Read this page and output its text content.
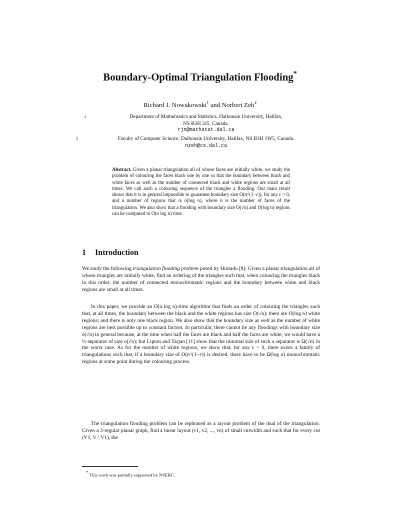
Boundary-Optimal Triangulation Flooding*
Richard J. Nowakowski$^1$ and Norbert Zeh$^2$
1	Department of Mathematics and Statistics, Dalhousie University, Halifax,
NS B3H 3J5, Canada.
rjn@mathstat.dal.ca
2	Faculty of Computer Science, Dalhousie University, Halifax, NS B3H 1W5, Canada.
nzeh@cs.dal.ca
Abstract. Given a planar triangulation all of whose faces are initially white, we study the problem of colouring the faces black one by one so that the boundary between black and white faces as well as the number of connected black and white regions are small at all times. We call such a colouring sequence of the triangles a flooding. Our main result shows that it is in general impossible to guarantee boundary size O(n^(1−ε)), for any ε > 0, and a number of regions that is o(log n), where n is the number of faces of the triangulation. We also show that a flooding with boundary size O(√n) and O(log n) regions can be computed in O(n log n) time.
1 Introduction
We study the following triangulation flooding problem posed by Hurtado [8]: Given a planar triangulation all of whose triangles are initially white, find an ordering of the triangles such that, when colouring the triangles black in this order, the number of connected monochromatic regions and the boundary between white and black regions are small at all times.
In this paper, we provide an O(n log n)-time algorithm that finds an order of colouring the triangles such that, at all times, the boundary between the black and the white regions has size O(√n); there are O(log n) white regions; and there is only one black region. We also show that the boundary size as well as the number of white regions are best possible up to constant factors. In particular, there cannot be any floodings with boundary size o(√n) in general because, at the time when half the faces are black and half the faces are white, we would have a ½-separator of size o(√n); but Lipton and Tarjan [11] show that the minimal size of such a separator is Ω(√n) in the worst case. As for the number of white regions, we show that, for any ε > 0, there exists a family of triangulations such that, if a boundary size of O(n^(1−ε)) is desired, there have to be Ω(log n) monochromatic regions at some point during the colouring process.
The triangulation flooding problem can be rephrased as a layout problem of the dual of the triangulation: Given a 3-regular planar graph, find a linear layout (v1, v2, ..., vn) of small cutwidth and such that for every cut (V1, V \ V1), the
* This work was partially supported by NSERC.
